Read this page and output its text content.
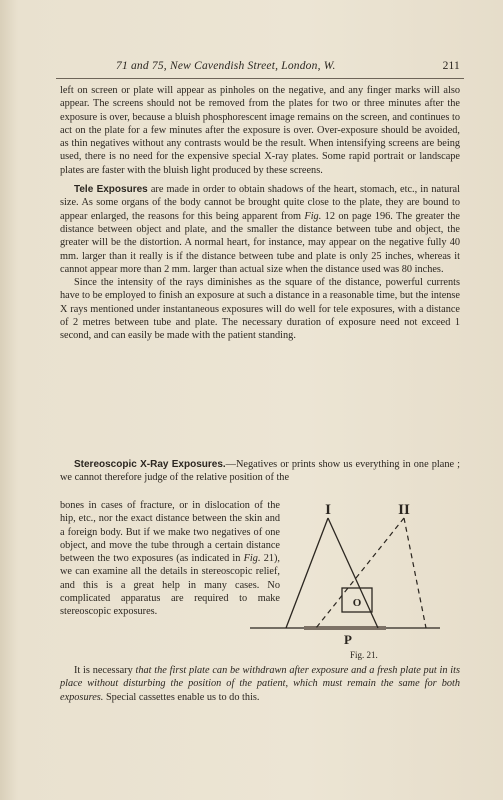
71 and 75, New Cavendish Street, London, W.	211

left on screen or plate will appear as pinholes on the negative, and any finger marks will also appear. The screens should not be removed from the plates for two or three minutes after the exposure is over, because a bluish phosphorescent image remains on the screen, and continues to act on the plate for a few minutes after the exposure is over. Over-exposure should be avoided, as thin negatives without any contrasts would be the result. When intensifying screens are being used, there is no need for the expensive special X-ray plates. Some rapid portrait or landscape plates are faster with the bluish light produced by these screens.

Tele Exposures are made in order to obtain shadows of the heart, stomach, etc., in natural size. As some organs of the body cannot be brought quite close to the plate, they are bound to appear enlarged, the reasons for this being apparent from Fig. 12 on page 196. The greater the distance between object and plate, and the smaller the distance between tube and object, the greater will be the distortion. A normal heart, for instance, may appear on the negative fully 40 mm. larger than it really is if the distance between tube and plate is only 25 inches, whereas it cannot appear more than 2 mm. larger than actual size when the distance used was 80 inches.

Since the intensity of the rays diminishes as the square of the distance, powerful currents have to be employed to finish an exposure at such a distance in a reasonable time, but the intense X rays mentioned under instantaneous exposures will do well for tele exposures, with a distance of 2 metres between tube and plate. The necessary duration of exposure need not exceed 1 second, and can easily be made with the patient standing.

Stereoscopic X-Ray Exposures.—Negatives or prints show us everything in one plane ; we cannot therefore judge of the relative position of the

bones in cases of fracture, or in dislocation of the hip, etc., nor the exact distance between the skin and a foreign body. But if we make two negatives of one object, and move the tube through a certain distance between the two exposures (as indicated in Fig. 21), we can examine all the details in stereoscopic relief, and this is a great help in many cases. No complicated apparatus are required to make stereoscopic exposures.

It is necessary that the first plate can be withdrawn after exposure and a fresh plate put in its place without disturbing the position of the patient, which must remain the same for both exposures. Special cassettes enable us to do this.

I	II
O
P
Fig. 21.
